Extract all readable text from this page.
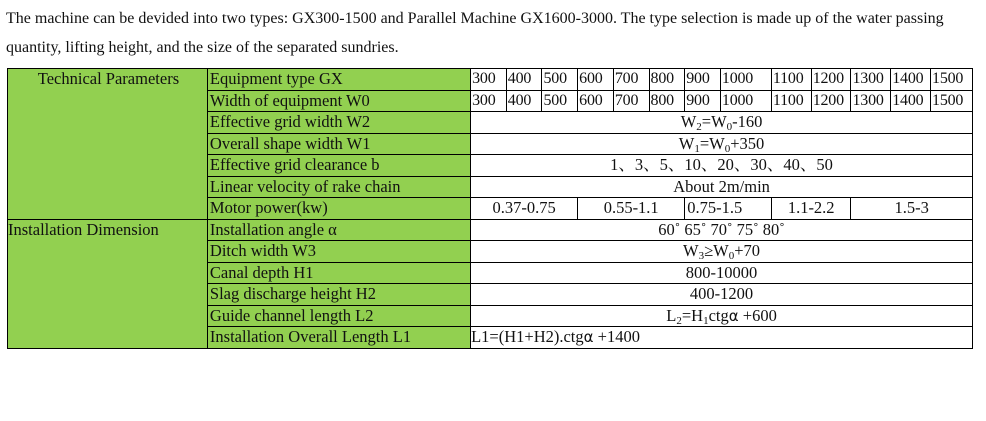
The machine can be devided into two types: GX300-1500 and Parallel Machine GX1600-3000. The type selection is made up of the water passing quantity, lifting height, and the size of the separated sundries.

Technical Parameters	Equipment type GX	300	400	500	600	700	800	900	1000	1100	1200	1300	1400	1500
	Width of equipment W0	300	400	500	600	700	800	900	1000	1100	1200	1300	1400	1500
	Effective grid width W2	$W_2=W_0-160$												
	Overall shape width W1	$W_1=W_0+350$												
	Effective grid clearance b	1、3、5、10、20、30、40、50												
	Linear velocity of rake chain	About 2m/min												
	Motor power(kw)	0.37-0.75			0.55-1.1			0.75-1.5		1.1-2.2		1.5-3		
Installation Dimension	Installation angle α	60˚ 65˚ 70˚ 75˚ 80˚												
	Ditch width W3	$W_3\ge W_0+70$												
	Canal depth H1	800-10000												
	Slag discharge height H2	400-1200												
	Guide channel length L2	$L_2=H_1ctg\alpha +600$												
	Installation Overall Length L1	L1=(H1+H2).ctgα +1400												
